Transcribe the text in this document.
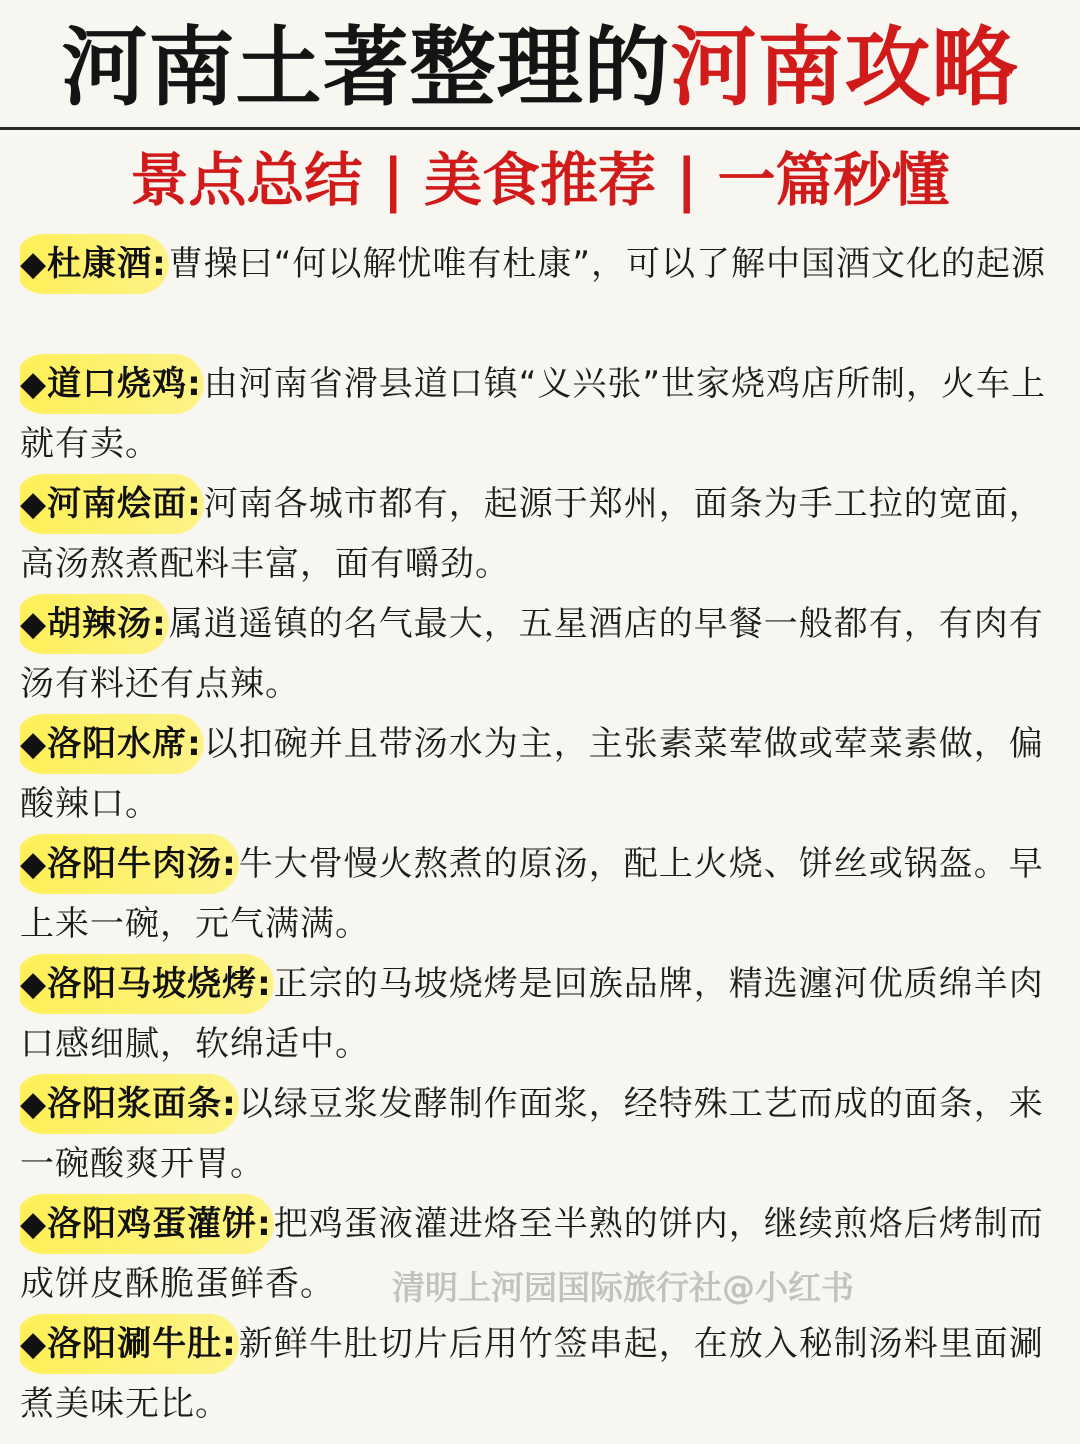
河南土著整理的河南攻略
景点总结 | 美食推荐 | 一篇秒懂
◆杜康酒:曹操曰“何以解忧唯有杜康”，可以了解中国酒文化的起源
◆道口烧鸡:由河南省滑县道口镇“义兴张”世家烧鸡店所制，火车上就有卖。
◆河南烩面:河南各城市都有，起源于郑州，面条为手工拉的宽面，高汤熬煮配料丰富，面有嚼劲。
◆胡辣汤:属逍遥镇的名气最大，五星酒店的早餐一般都有，有肉有汤有料还有点辣。
◆洛阳水席:以扣碗并且带汤水为主，主张素菜荤做或荤菜素做，偏酸辣口。
◆洛阳牛肉汤:牛大骨慢火熬煮的原汤，配上火烧、饼丝或锅盔。早上来一碗，元气满满。
◆洛阳马坡烧烤:正宗的马坡烧烤是回族品牌，精选瀍河优质绵羊肉口感细腻，软绵适中。
◆洛阳浆面条:以绿豆浆发酵制作面浆，经特殊工艺而成的面条，来一碗酸爽开胃。
◆洛阳鸡蛋灌饼:把鸡蛋液灌进烙至半熟的饼内，继续煎烙后烤制而成饼皮酥脆蛋鲜香。
◆洛阳涮牛肚:新鲜牛肚切片后用竹签串起，在放入秘制汤料里面涮煮美味无比。
清明上河园国际旅行社@小红书
